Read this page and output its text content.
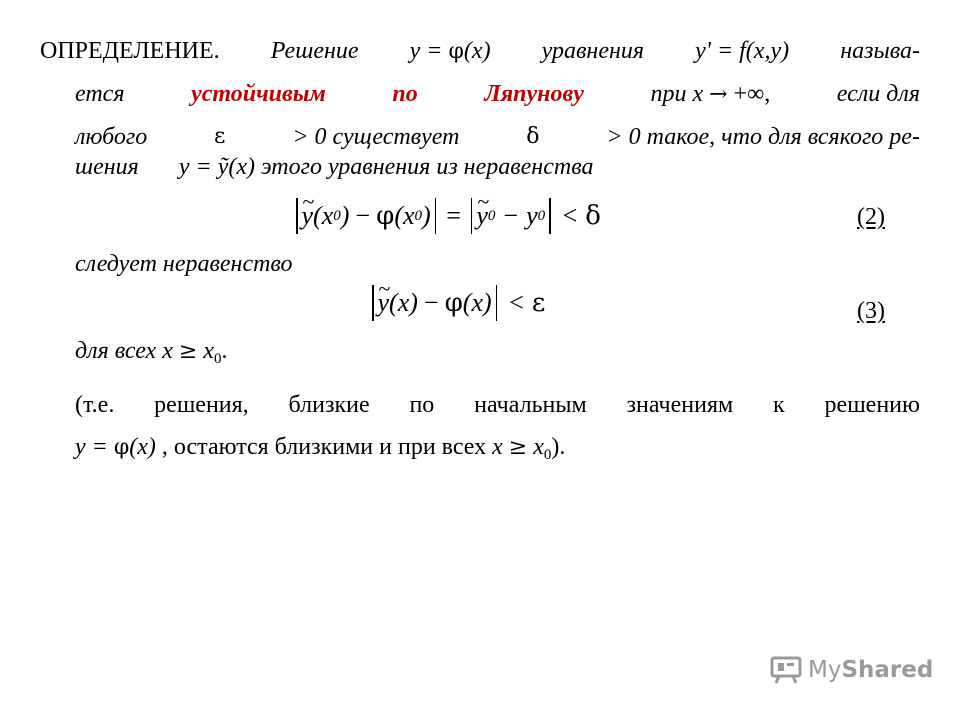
ОПРЕДЕЛЕНИЕ. Решение y = φ(x) уравнения y' = f(x,y) называ-
ется	устойчивым	по	Ляпунову	при x → +∞,	если для
любого	ε	> 0 существует	δ	> 0 такое, что для всякого ре-
шения y = ỹ(x) этого уравнения из неравенства
~ y (x 0 ) − φ (x 0 ) = ~ y 0 − y 0 < δ	(2)
следует неравенство
~ y (x) − φ (x) < ε	(3)
для всех $x \ge x_0$.
(т.е. решения, близкие по начальным значениям к решению
y = φ(x) , остаются близкими и при всех $x \ge x_0$).
My Shared
